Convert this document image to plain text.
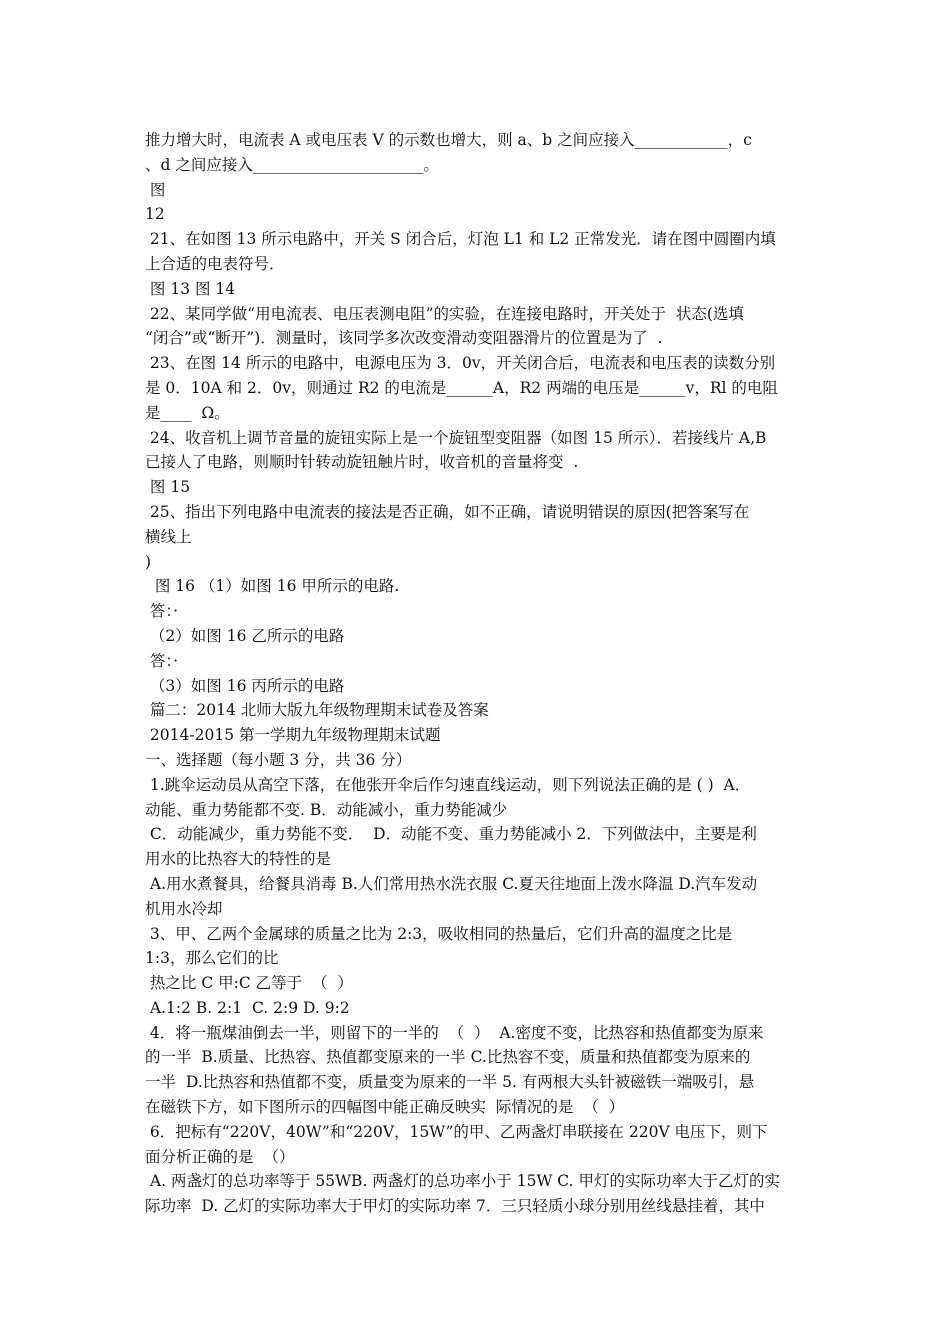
推力增大时，电流表 A 或电压表 V 的示数也增大，则 a、b 之间应接入____________，c
、d 之间应接入______________________。
图
12
21、在如图 13 所示电路中，开关 S 闭合后，灯泡 L1 和 L2 正常发光．请在图中圆圈内填
上合适的电表符号．
图 13 图 14
22、某同学做“用电流表、电压表测电阻”的实验，在连接电路时，开关处于  状态(选填
“闭合”或“断开”)．测量时，该同学多次改变滑动变阻器滑片的位置是为了  .
23、在图 14 所示的电路中，电源电压为 3．0v，开关闭合后，电流表和电压表的读数分别
是 0．10A 和 2．0v，则通过 R2 的电流是______A，R2 两端的电压是______v，Rl 的电阻
是____  Ω。
24、收音机上调节音量的旋钮实际上是一个旋钮型变阻器（如图 15 所示）．若接线片 A,B
已接人了电路，则顺时针转动旋钮触片时，收音机的音量将变  .
图 15
25、指出下列电路中电流表的接法是否正确，如不正确，请说明错误的原因(把答案写在
横线上
)
图 16 （1）如图 16 甲所示的电路.
答：·
（2）如图 16 乙所示的电路
答：·
（3）如图 16 丙所示的电路
篇二：2014 北师大版九年级物理期末试卷及答案
2014-2015 第一学期九年级物理期末试题
一、选择题（每小题 3 分，共 36 分）
1.跳伞运动员从高空下落，在他张开伞后作匀速直线运动，则下列说法正确的是 ( )  A．
动能、重力势能都不变. B．动能减小，重力势能减少
C．动能减少，重力势能不变．  D．动能不变、重力势能减小 2．下列做法中，主要是利
用水的比热容大的特性的是
A.用水煮餐具，给餐具消毒 B.人们常用热水洗衣服 C.夏天往地面上泼水降温 D.汽车发动
机用水冷却
3、甲、乙两个金属球的质量之比为 2:3，吸收相同的热量后，它们升高的温度之比是
1:3，那么它们的比
热之比 C 甲:C 乙等于  （  ）
A.1:2 B. 2:1  C. 2:9 D. 9:2
4．将一瓶煤油倒去一半，则留下的一半的  （  ）  A.密度不变，比热容和热值都变为原来
的一半  B.质量、比热容、热值都变原来的一半 C.比热容不变，质量和热值都变为原来的
一半  D.比热容和热值都不变，质量变为原来的一半 5. 有两根大头针被磁铁一端吸引，悬
在磁铁下方，如下图所示的四幅图中能正确反映实  际情况的是  （  ）
6．把标有“220V，40W”和“220V，15W”的甲、乙两盏灯串联接在 220V 电压下，则下
面分析正确的是  （）
A. 两盏灯的总功率等于 55WB. 两盏灯的总功率小于 15W C. 甲灯的实际功率大于乙灯的实
际功率  D. 乙灯的实际功率大于甲灯的实际功率 7．三只轻质小球分别用丝线悬挂着，其中
